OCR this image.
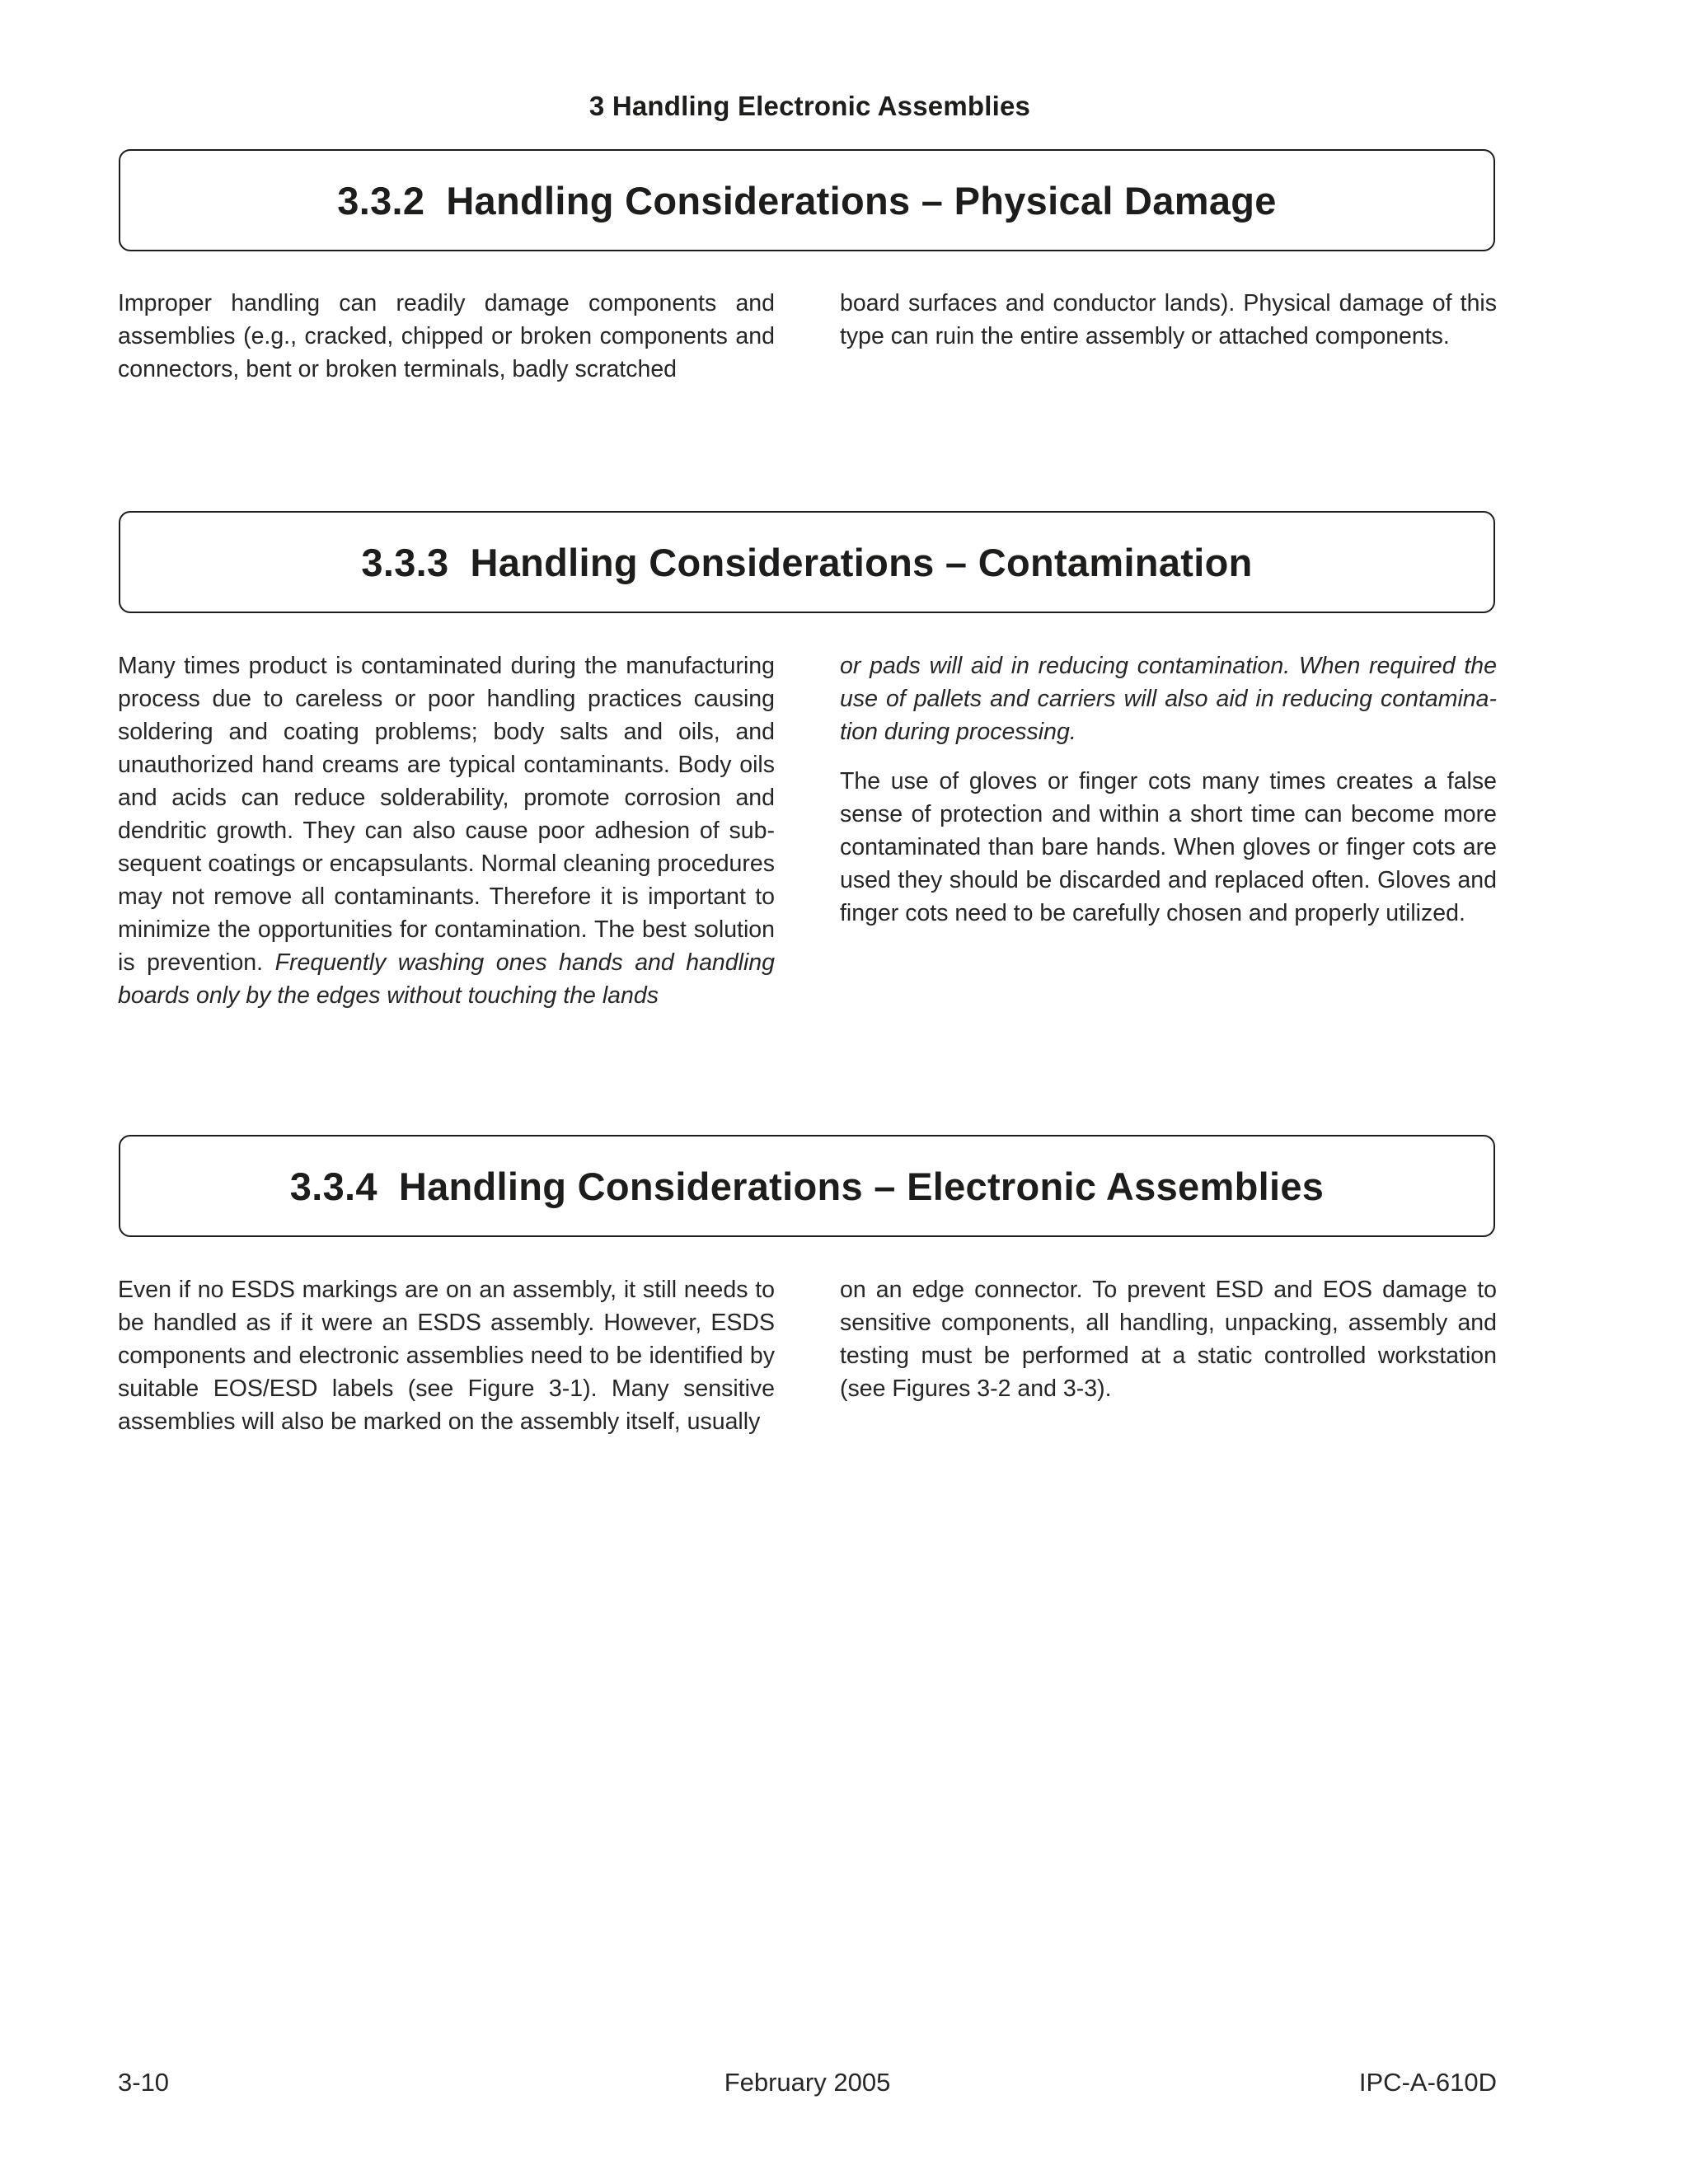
3 Handling Electronic Assemblies
3.3.2 Handling Considerations – Physical Damage

Improper handling can readily damage components and assemblies (e.g., cracked, chipped or broken components and connectors, bent or broken terminals, badly scratched

board surfaces and conductor lands). Physical damage of this type can ruin the entire assembly or attached components.

3.3.3 Handling Considerations – Contamination

Many times product is contaminated during the manufacturing process due to careless or poor handling practices causing soldering and coating problems; body salts and oils, and unauthorized hand creams are typical contaminants. Body oils and acids can reduce solderability, promote corrosion and dendritic growth. They can also cause poor adhesion of subsequent coatings or encapsulants. Normal cleaning procedures may not remove all contaminants. Therefore it is important to minimize the opportunities for contamination. The best solution is prevention. Frequently washing ones hands and handling boards only by the edges without touching the lands

or pads will aid in reducing contamination. When required the use of pallets and carriers will also aid in reducing contamination during processing.

The use of gloves or finger cots many times creates a false sense of protection and within a short time can become more contaminated than bare hands. When gloves or finger cots are used they should be discarded and replaced often. Gloves and finger cots need to be carefully chosen and properly utilized.

3.3.4 Handling Considerations – Electronic Assemblies

Even if no ESDS markings are on an assembly, it still needs to be handled as if it were an ESDS assembly. However, ESDS components and electronic assemblies need to be identified by suitable EOS/ESD labels (see Figure 3-1). Many sensitive assemblies will also be marked on the assembly itself, usually

on an edge connector. To prevent ESD and EOS damage to sensitive components, all handling, unpacking, assembly and testing must be performed at a static controlled workstation (see Figures 3-2 and 3-3).

February 2005
3-10	IPC-A-610D
